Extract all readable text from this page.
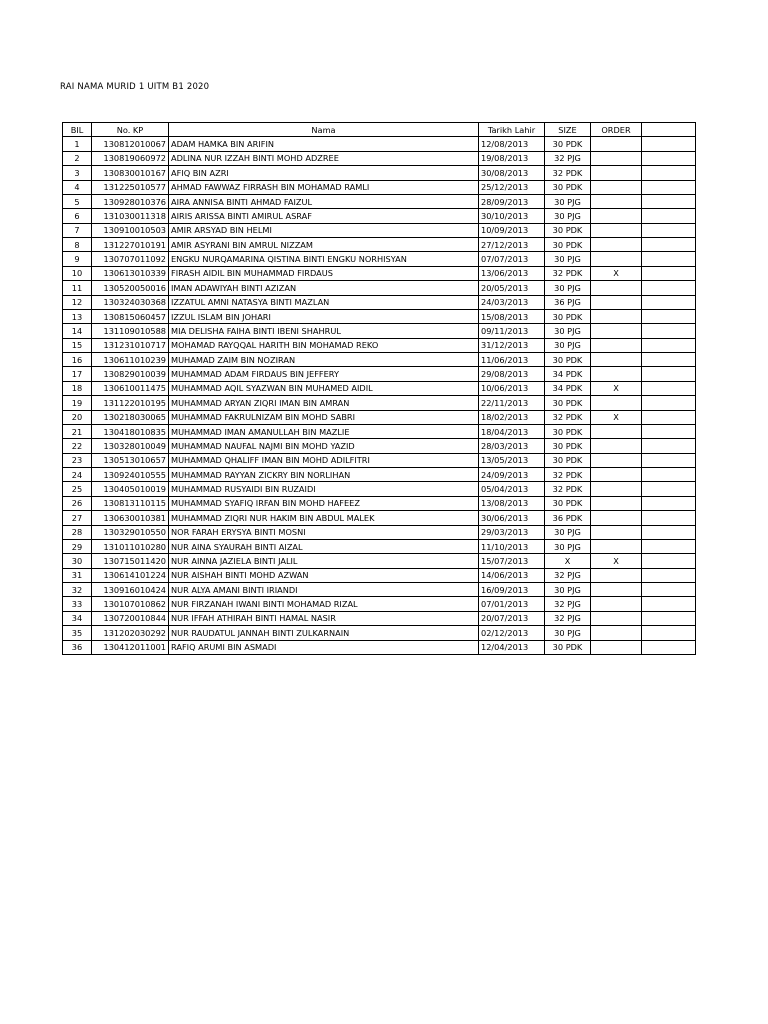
RAI NAMA MURID 1 UITM B1 2020
BIL	No. KP	Nama	Tarikh Lahir	SIZE	ORDER	
1	130812010067	ADAM HAMKA BIN ARIFIN	12/08/2013	30 PDK		
2	130819060972	ADLINA NUR IZZAH BINTI MOHD ADZREE	19/08/2013	32 PJG		
3	130830010167	AFIQ BIN AZRI	30/08/2013	32 PDK		
4	131225010577	AHMAD FAWWAZ FIRRASH BIN MOHAMAD RAMLI	25/12/2013	30 PDK		
5	130928010376	AIRA ANNISA BINTI AHMAD FAIZUL	28/09/2013	30 PJG		
6	131030011318	AIRIS ARISSA BINTI AMIRUL ASRAF	30/10/2013	30 PJG		
7	130910010503	AMIR ARSYAD BIN HELMI	10/09/2013	30 PDK		
8	131227010191	AMIR ASYRANI BIN AMRUL NIZZAM	27/12/2013	30 PDK		
9	130707011092	ENGKU NURQAMARINA QISTINA BINTI ENGKU NORHISYAN	07/07/2013	30 PJG		
10	130613010339	FIRASH AIDIL BIN MUHAMMAD FIRDAUS	13/06/2013	32 PDK	X	
11	130520050016	IMAN ADAWIYAH BINTI AZIZAN	20/05/2013	30 PJG		
12	130324030368	IZZATUL AMNI NATASYA BINTI MAZLAN	24/03/2013	36 PJG		
13	130815060457	IZZUL ISLAM BIN JOHARI	15/08/2013	30 PDK		
14	131109010588	MIA DELISHA FAIHA BINTI IBENI SHAHRUL	09/11/2013	30 PJG		
15	131231010717	MOHAMAD RAYQQAL HARITH BIN MOHAMAD REKO	31/12/2013	30 PJG		
16	130611010239	MUHAMAD ZAIM BIN NOZIRAN	11/06/2013	30 PDK		
17	130829010039	MUHAMMAD ADAM FIRDAUS BIN JEFFERY	29/08/2013	34 PDK		
18	130610011475	MUHAMMAD AQIL SYAZWAN BIN MUHAMED AIDIL	10/06/2013	34 PDK	X	
19	131122010195	MUHAMMAD ARYAN ZIQRI IMAN BIN AMRAN	22/11/2013	30 PDK		
20	130218030065	MUHAMMAD FAKRULNIZAM BIN MOHD SABRI	18/02/2013	32 PDK	X	
21	130418010835	MUHAMMAD IMAN AMANULLAH BIN MAZLIE	18/04/2013	30 PDK		
22	130328010049	MUHAMMAD NAUFAL NAJMI BIN MOHD YAZID	28/03/2013	30 PDK		
23	130513010657	MUHAMMAD QHALIFF IMAN BIN MOHD ADILFITRI	13/05/2013	30 PDK		
24	130924010555	MUHAMMAD RAYYAN ZICKRY BIN NORLIHAN	24/09/2013	32 PDK		
25	130405010019	MUHAMMAD RUSYAIDI BIN RUZAIDI	05/04/2013	32 PDK		
26	130813110115	MUHAMMAD SYAFIQ IRFAN BIN MOHD HAFEEZ	13/08/2013	30 PDK		
27	130630010381	MUHAMMAD ZIQRI NUR HAKIM BIN ABDUL MALEK	30/06/2013	36 PDK		
28	130329010550	NOR FARAH ERYSYA BINTI MOSNI	29/03/2013	30 PJG		
29	131011010280	NUR AINA SYAURAH BINTI AIZAL	11/10/2013	30 PJG		
30	130715011420	NUR AINNA JAZIELA BINTI JALIL	15/07/2013	X	X	
31	130614101224	NUR AISHAH BINTI MOHD AZWAN	14/06/2013	32 PJG		
32	130916010424	NUR ALYA AMANI BINTI IRIANDI	16/09/2013	30 PJG		
33	130107010862	NUR FIRZANAH IWANI BINTI MOHAMAD RIZAL	07/01/2013	32 PJG		
34	130720010844	NUR IFFAH ATHIRAH BINTI HAMAL NASIR	20/07/2013	32 PJG		
35	131202030292	NUR RAUDATUL JANNAH BINTI ZULKARNAIN	02/12/2013	30 PJG		
36	130412011001	RAFIQ ARUMI BIN ASMADI	12/04/2013	30 PDK		
